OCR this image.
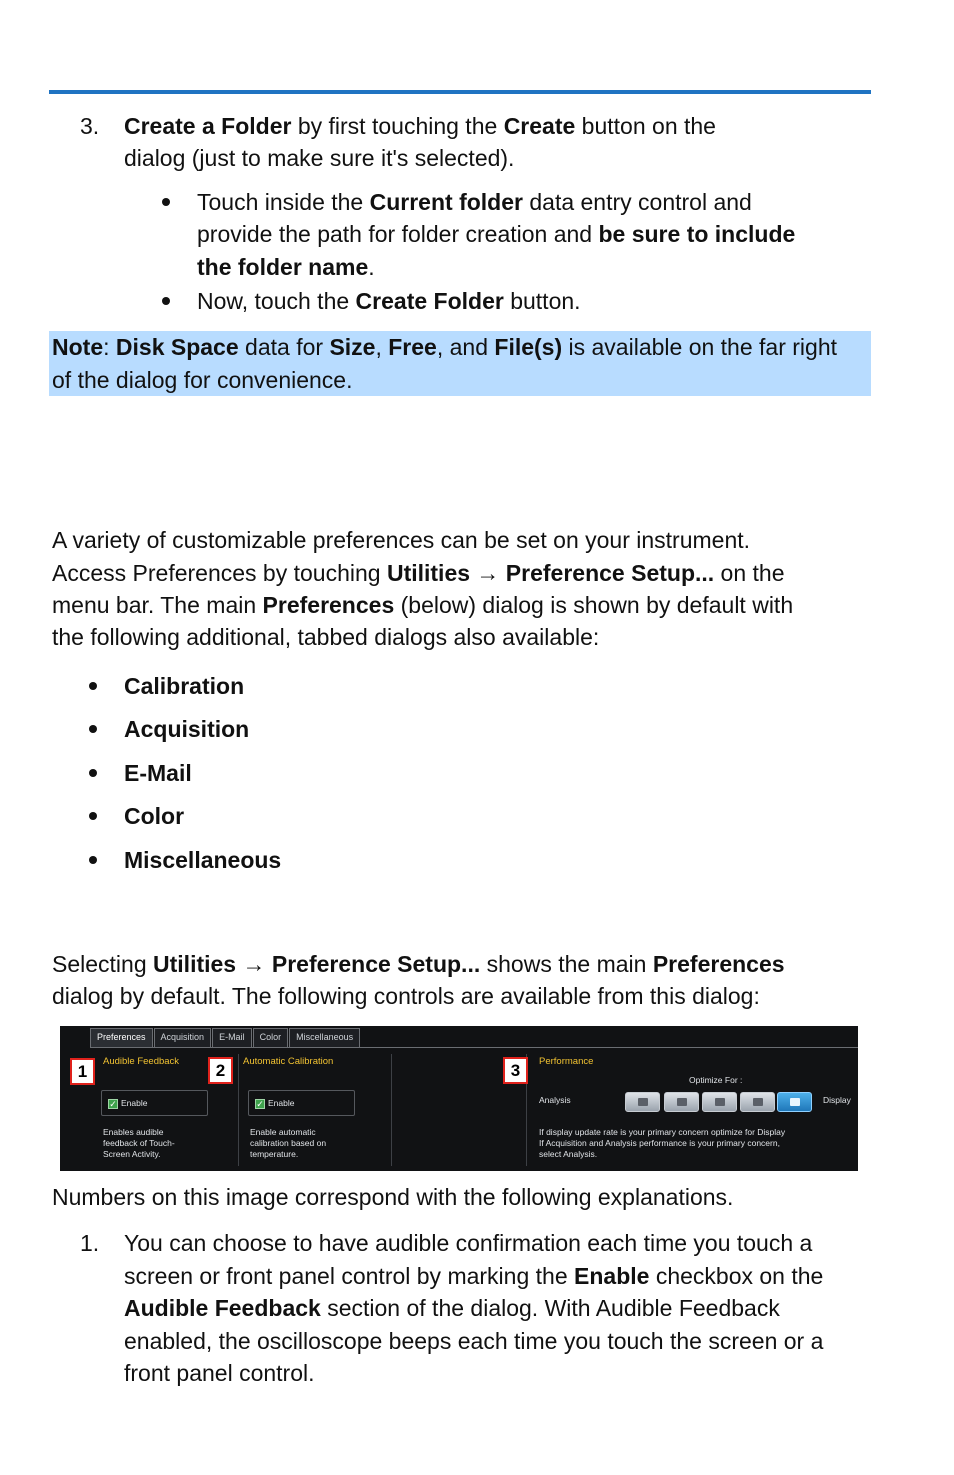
3.	Create a Folder by first touching the Create button on the
dialog (just to make sure it's selected).
Touch inside the Current folder data entry control and
provide the path for folder creation and be sure to include
the folder name.
Now, touch the Create Folder button.
Note: Disk Space data for Size, Free, and File(s) is available on the far right
of the dialog for convenience.
A variety of customizable preferences can be set on your instrument.
Access Preferences by touching Utilities → Preference Setup... on the
menu bar. The main Preferences (below) dialog is shown by default with
the following additional, tabbed dialogs also available:
Calibration
Acquisition
E-Mail
Color
Miscellaneous
Selecting Utilities → Preference Setup... shows the main Preferences
dialog by default. The following controls are available from this dialog:
Preferences	Acquisition	E-Mail	Color	Miscellaneous
1
Audible Feedback
✓ Enable
Enables audible
feedback of Touch-
Screen Activity.
2	Automatic Calibration
✓ Enable
Enable automatic
calibration based on
temperature.
3	Performance
Optimize For :
Analysis	Display
If display update rate is your primary concern optimize for Display
If Acquisition and Analysis performance is your primary concern,
select Analysis.
Numbers on this image correspond with the following explanations.
1.	You can choose to have audible confirmation each time you touch a
screen or front panel control by marking the Enable checkbox on the
Audible Feedback section of the dialog. With Audible Feedback
enabled, the oscilloscope beeps each time you touch the screen or a
front panel control.
